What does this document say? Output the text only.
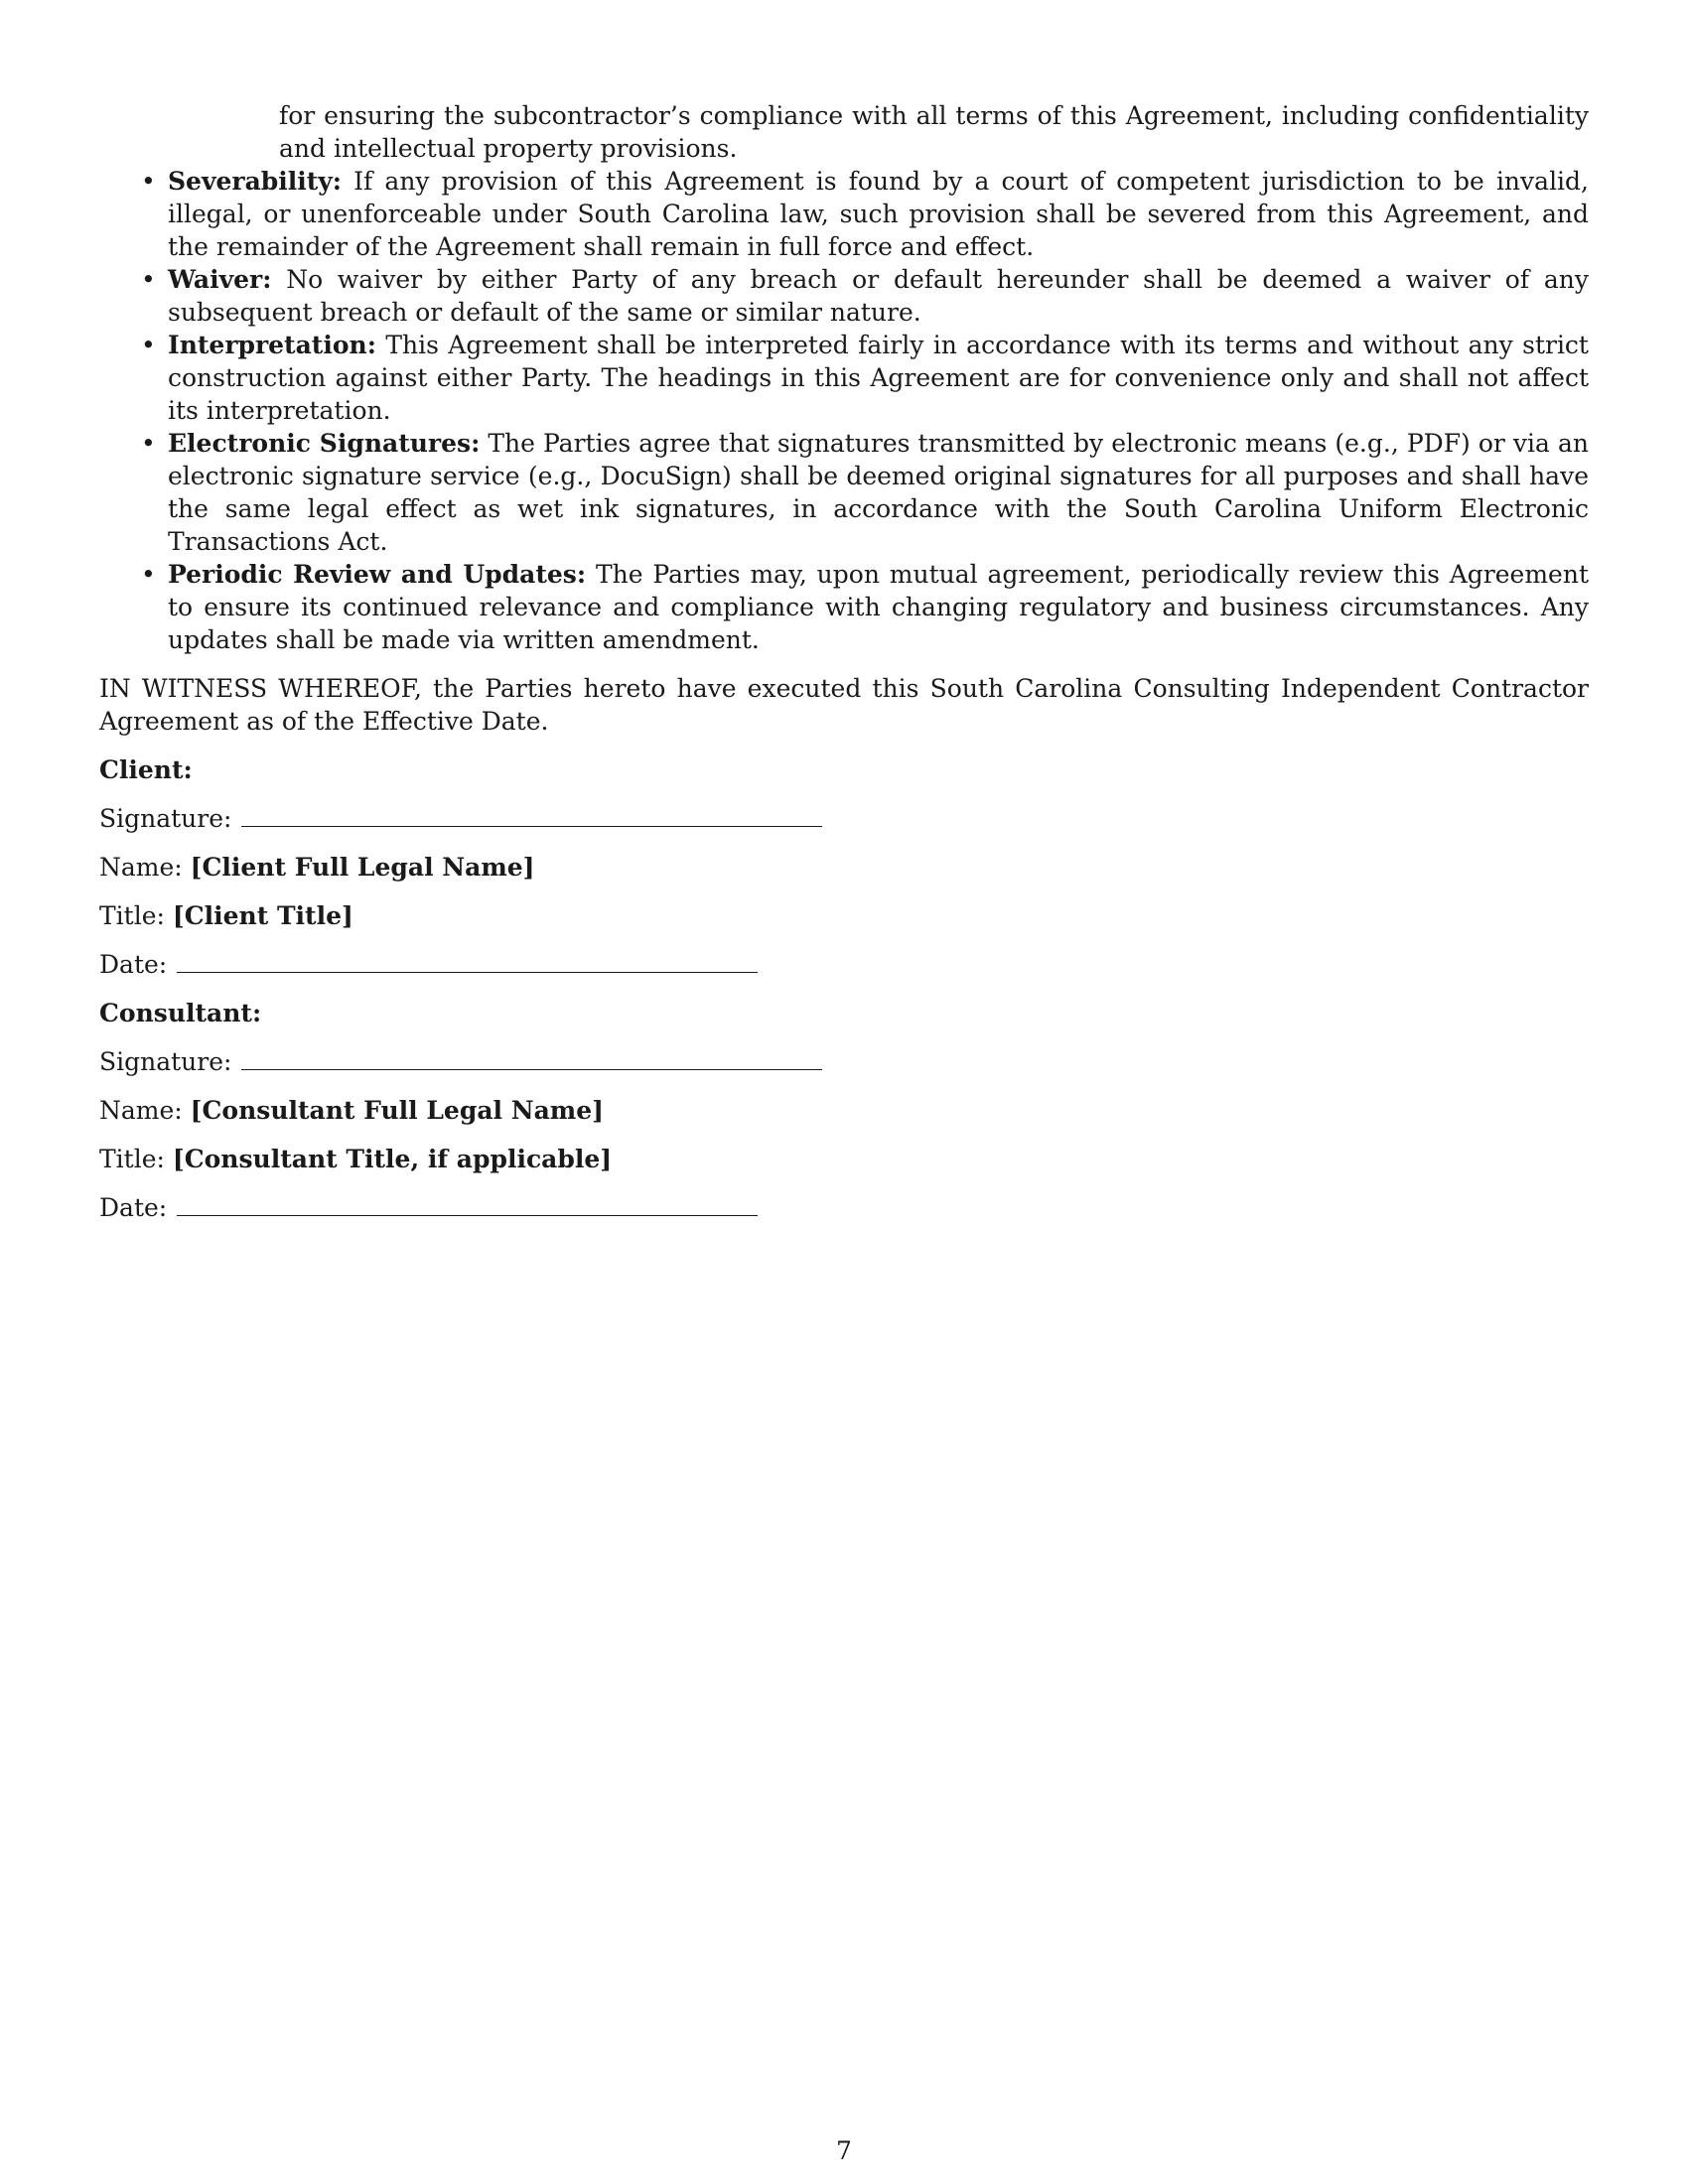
for ensuring the subcontractor’s compliance with all terms of this Agreement, including confidentiality and intellectual property provisions.
• Severability: If any provision of this Agreement is found by a court of competent jurisdiction to be invalid, illegal, or unenforceable under South Carolina law, such provision shall be severed from this Agreement, and the remainder of the Agreement shall remain in full force and effect.
• Waiver: No waiver by either Party of any breach or default hereunder shall be deemed a waiver of any subsequent breach or default of the same or similar nature.
• Interpretation: This Agreement shall be interpreted fairly in accordance with its terms and without any strict construction against either Party. The headings in this Agreement are for convenience only and shall not affect its interpretation.
• Electronic Signatures: The Parties agree that signatures transmitted by electronic means (e.g., PDF) or via an electronic signature service (e.g., DocuSign) shall be deemed original signatures for all purposes and shall have the same legal effect as wet ink signatures, in accordance with the South Carolina Uniform Electronic Transactions Act.
• Periodic Review and Updates: The Parties may, upon mutual agreement, periodically review this Agreement to ensure its continued relevance and compliance with changing regulatory and business circumstances. Any updates shall be made via written amendment.
IN WITNESS WHEREOF, the Parties hereto have executed this South Carolina Consulting Independent Contractor Agreement as of the Effective Date.
Client:
Signature:
Name: [Client Full Legal Name]
Title: [Client Title]
Date:
Consultant:
Signature:
Name: [Consultant Full Legal Name]
Title: [Consultant Title, if applicable]
Date:
7
